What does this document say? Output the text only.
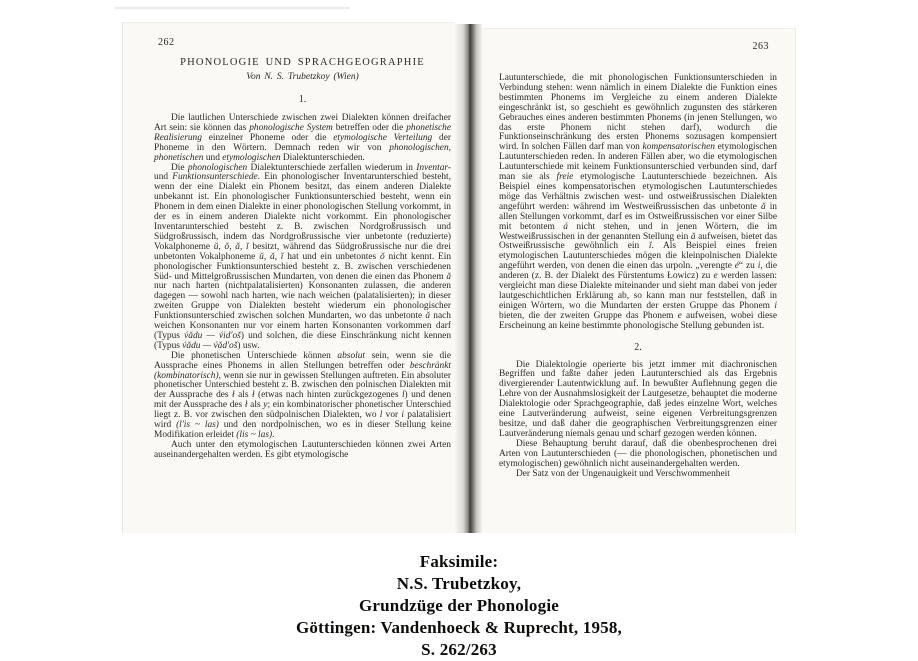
262
PHONOLOGIE UND SPRACHGEOGRAPHIE
Von N. S. Trubetzkoy (Wien)
1.

Die lautlichen Unterschiede zwischen zwei Dialekten können dreifacher Art sein: sie können das phonologische System betreffen oder die phonetische Realisierung einzelner Phoneme oder die etymologische Verteilung der Phoneme in den Wörtern. Demnach reden wir von phonologischen, phonetischen und etymologischen Dialektunterschieden.

Die phonologischen Dialektunterschiede zerfallen wiederum in Inventar- und Funktionsunterschiede. Ein phonologischer Inventarunterschied besteht, wenn der eine Dialekt ein Phonem besitzt, das einem anderen Dialekte unbekannt ist. Ein phonologischer Funktionsunterschied besteht, wenn ein Phonem in dem einen Dialekte in einer phonologischen Stellung vorkommt, in der es in einem anderen Dialekte nicht vorkommt. Ein phonologischer Inventarunterschied besteht z. B. zwischen Nordgroßrussisch und Südgroßrussisch, indem das Nordgroßrussische vier unbetonte (reduzierte) Vokalphoneme ŭ, ŏ, ă, ĭ besitzt, während das Südgroßrussische nur die drei unbetonten Vokalphoneme ŭ, ă, ĭ hat und ein unbetontes ŏ nicht kennt. Ein phonologischer Funktionsunterschied besteht z. B. zwischen verschiedenen Süd- und Mittelgroßrussischen Mundarten, von denen die einen das Phonem ă nur nach harten (nichtpalatalisierten) Konsonanten zulassen, die anderen dagegen — sowohl nach harten, wie nach weichen (palatalisierten); in dieser zweiten Gruppe von Dialekten besteht wiederum ein phonologischer Funktionsunterschied zwischen solchen Mundarten, wo das unbetonte ă nach weichen Konsonanten nur vor einem harten Konsonanten vorkommen darf (Typus v́ădu — v́id'oš) und solchen, die diese Einschränkung nicht kennen (Typus v́ădu — v́ăd'oš) usw.

Die phonetischen Unterschiede können absolut sein, wenn sie die Aussprache eines Phonems in allen Stellungen betreffen oder beschränkt (kombinatorisch), wenn sie nur in gewissen Stellungen auftreten. Ein absoluter phonetischer Unterschied besteht z. B. zwischen den polnischen Dialekten mit der Aussprache des ł als ł (etwas nach hinten zurückgezogenes l) und denen mit der Aussprache des ł als y; ein kombinatorischer phonetischer Unterschied liegt z. B. vor zwischen den südpolnischen Dialekten, wo l vor i palatalisiert wird (l'is ~ las) und den nordpolnischen, wo es in dieser Stellung keine Modifikation erleidet (lis ~ las).

Auch unter den etymologischen Lautunterschieden können zwei Arten auseinandergehalten werden. Es gibt etymologische

263

Lautunterschiede, die mit phonologischen Funktionsunterschieden in Verbindung stehen: wenn nämlich in einem Dialekte die Funktion eines bestimmten Phonems im Vergleiche zu einem anderen Dialekte eingeschränkt ist, so geschieht es gewöhnlich zugunsten des stärkeren Gebrauches eines anderen bestimmten Phonems (in jenen Stellungen, wo das erste Phonem nicht stehen darf), wodurch die Funktionseinschränkung des ersten Phonems sozusagen kompensiert wird. In solchen Fällen darf man von kompensatorischen etymologischen Lautunterschieden reden. In anderen Fällen aber, wo die etymologischen Lautunterschiede mit keinem Funktionsunterschied verbunden sind, darf man sie als freie etymologische Lautunterschiede bezeichnen. Als Beispiel eines kompensatorischen etymologischen Lautunterschiedes möge das Verhältnis zwischen west- und ostweißrussischen Dialekten angeführt werden: während im Westweißrussischen das unbetonte ă in allen Stellungen vorkommt, darf es im Ostweißrussischen vor einer Silbe mit betontem á nicht stehen, und in jenen Wörtern, die im Westweißrussischen in der genannten Stellung ein ă aufweisen, bietet das Ostweißrussische gewöhnlich ein ĭ. Als Beispiel eines freien etymologischen Lautunterschiedes mögen die kleinpolnischen Dialekte angeführt werden, von denen die einen das urpoln. „verengte é“ zu i, die anderen (z. B. der Dialekt des Fürstentums Łowicz) zu e werden lassen: vergleicht man diese Dialekte miteinander und sieht man dabei von jeder lautgeschichtlichen Erklärung ab, so kann man nur feststellen, daß in einigen Wörtern, wo die Mundarten der ersten Gruppe das Phonem i bieten, die der zweiten Gruppe das Phonem e aufweisen, wobei diese Erscheinung an keine bestimmte phonologische Stellung gebunden ist.

2.

Die Dialektologie operierte bis jetzt immer mit diachronischen Begriffen und faßte daher jeden Lautunterschied als das Ergebnis divergierender Lautentwicklung auf. In bewußter Auflehnung gegen die Lehre von der Ausnahmslosigkeit der Lautgesetze, behauptet die moderne Dialektologie oder Sprachgeographie, daß jedes einzelne Wort, welches eine Lautveränderung aufweist, seine eigenen Verbreitungsgrenzen besitze, und daß daher die geographischen Verbreitungsgrenzen einer Lautveränderung niemals genau und scharf gezogen werden können.

Diese Behauptung beruht darauf, daß die obenbesprochenen drei Arten von Lautunterschieden (— die phonologischen, phonetischen und etymologischen) gewöhnlich nicht auseinandergehalten werden.

Der Satz von der Ungenauigkeit und Verschwommenheit

Faksimile:
N.S. Trubetzkoy,
Grundzüge der Phonologie
Göttingen: Vandenhoeck & Ruprecht, 1958,
S. 262/263
